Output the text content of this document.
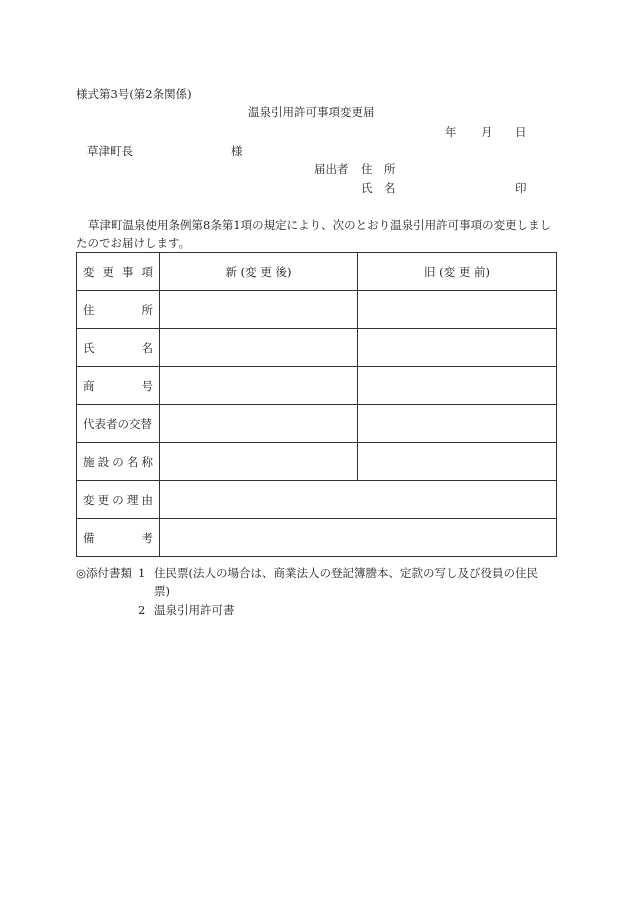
様式第3号(第2条関係)
温泉引用許可事項変更届
年 月 日
草津町長	様
届出者 住 所
氏 名	印
草津町温泉使用条例第8条第1項の規定により、次のとおり温泉引用許可事項の変更しましたのでお届けします。
変 更 事 項	新 (変 更 後)	旧 (変 更 前)

住 所		

氏 名		

商 号		

代表者の交替		

施 設 の 名 称		

変 更 の 理 由		

備 考		

◎添付書類 1 住民票(法人の場合は、商業法人の登記簿謄本、定款の写し及び役員の住民
票)
2 温泉引用許可書
